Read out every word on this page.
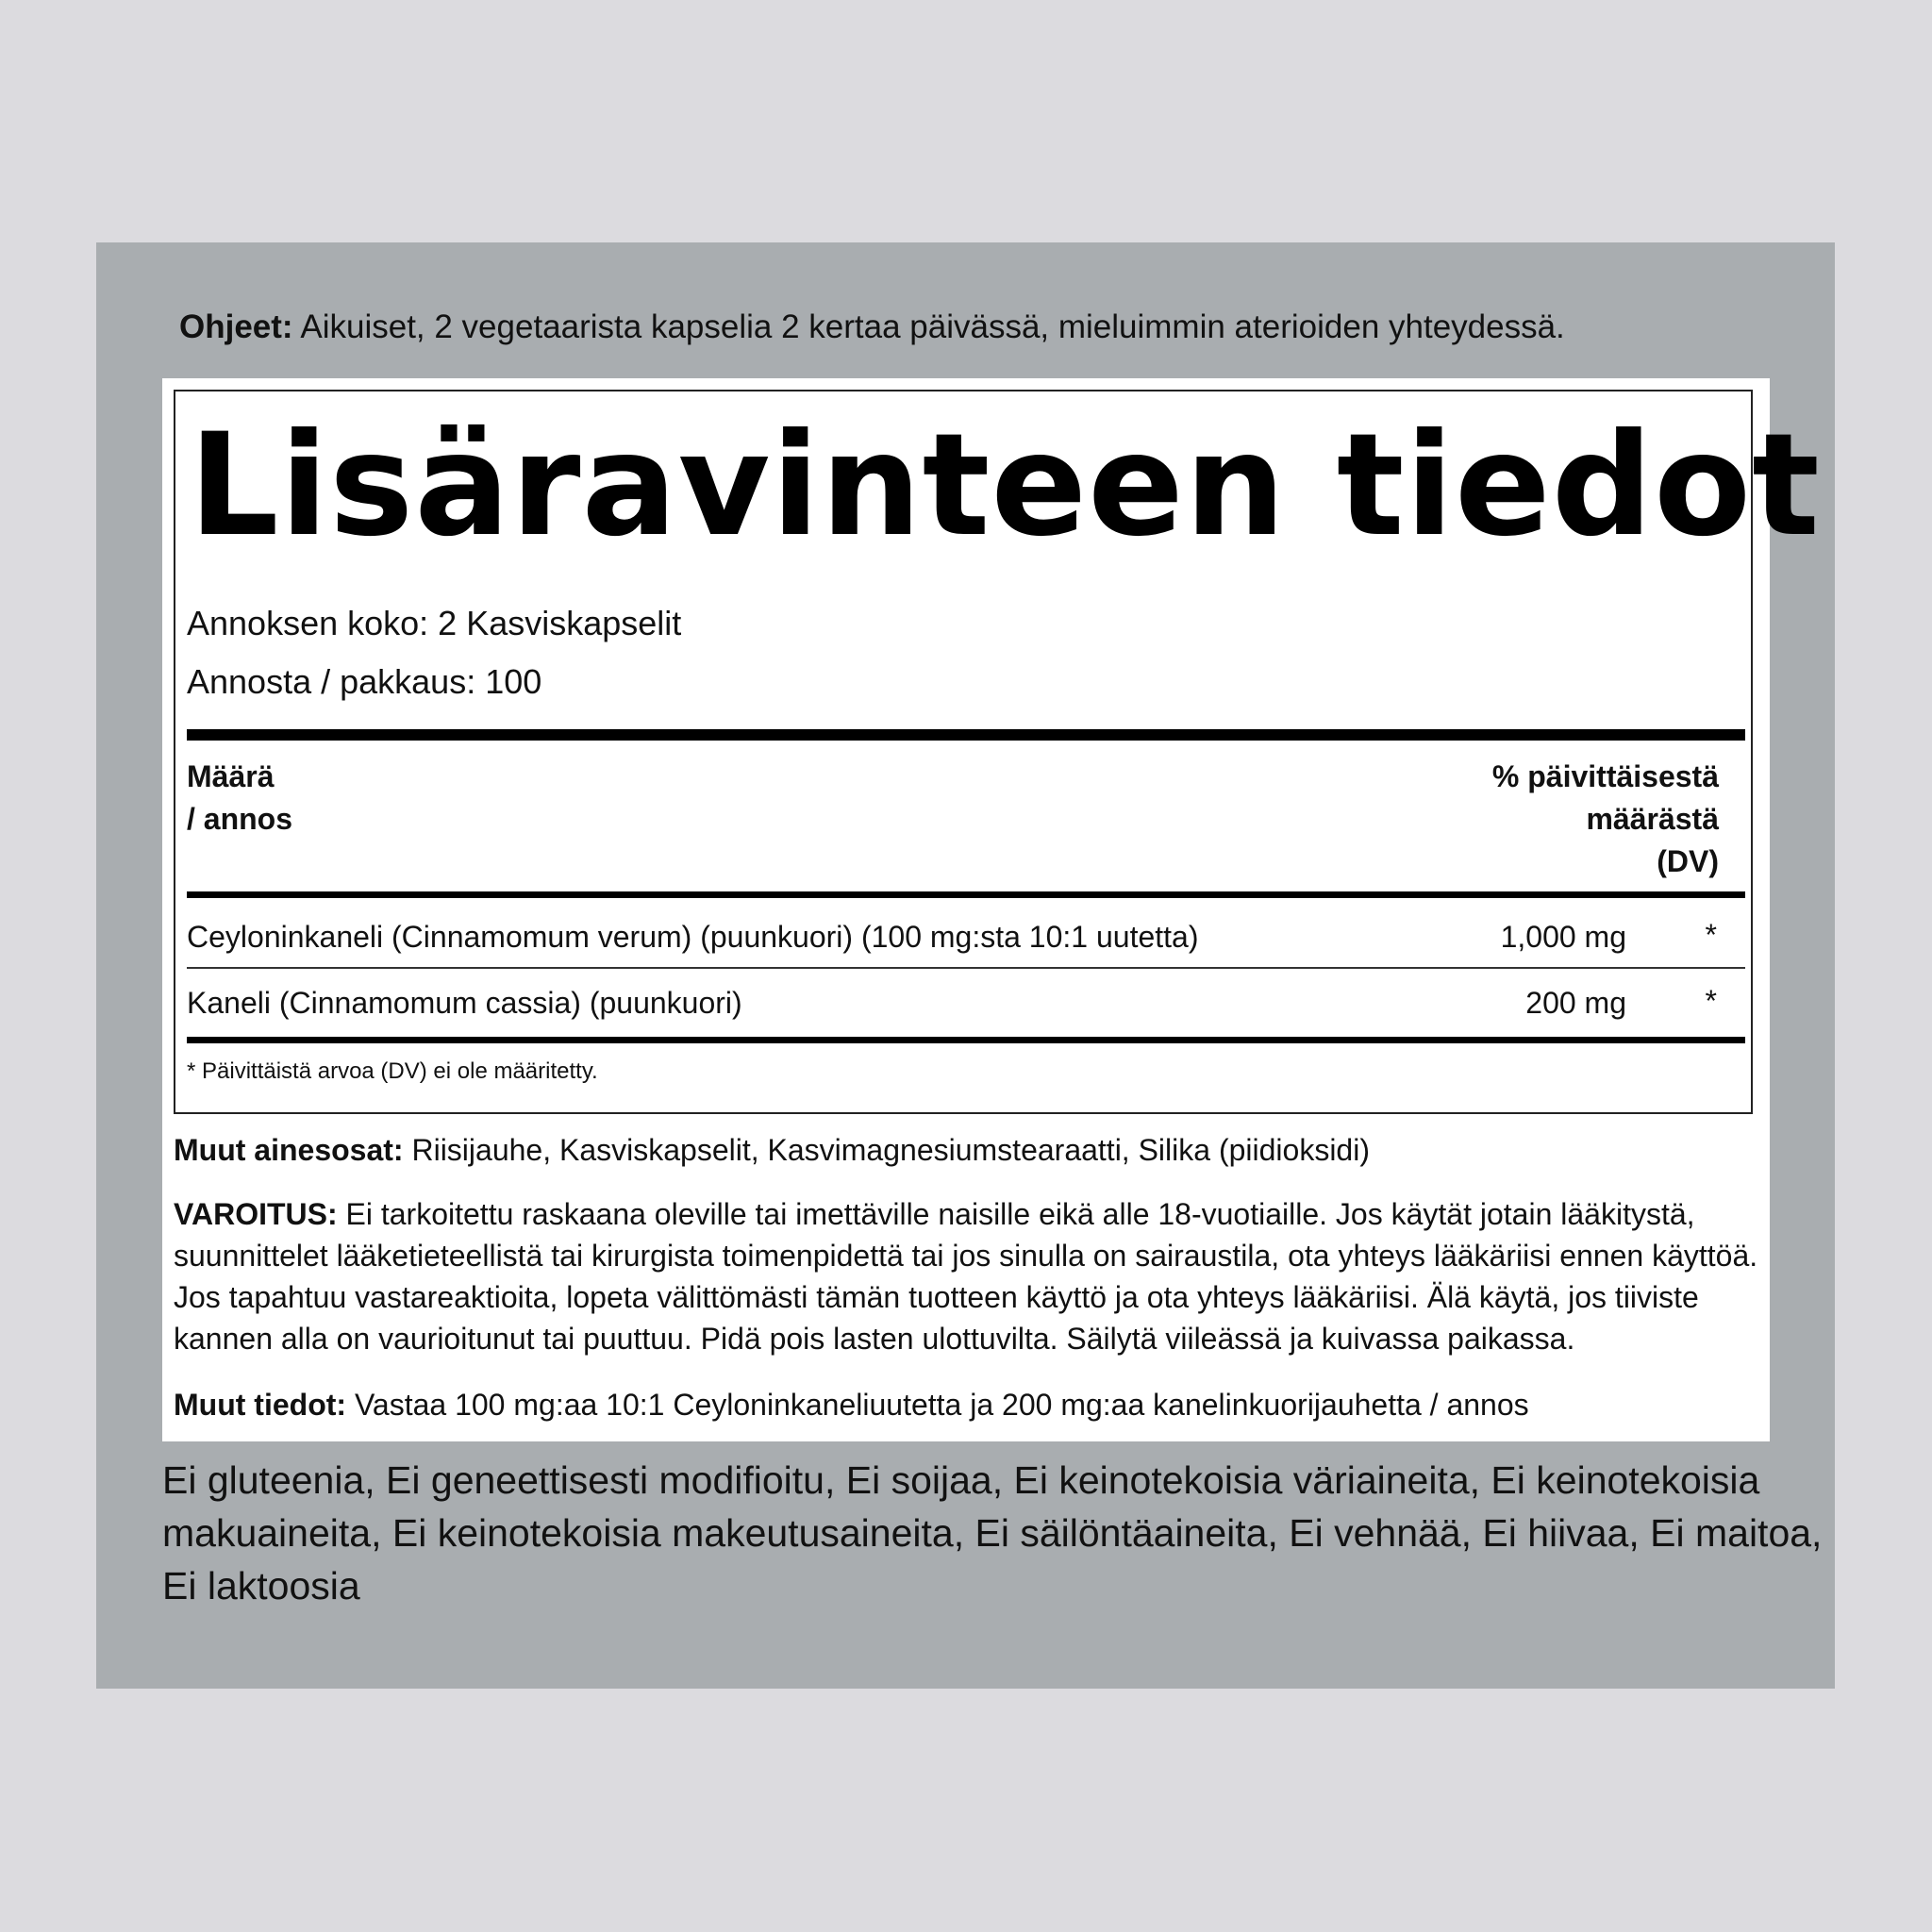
Ohjeet: Aikuiset, 2 vegetaarista kapselia 2 kertaa päivässä, mieluimmin aterioiden yhteydessä.
Lisäravinteen tiedot
Annoksen koko: 2 Kasviskapselit
Annosta / pakkaus: 100
Määrä
/ annos
% päivittäisestä
määrästä
(DV)
Ceyloninkaneli (Cinnamomum verum) (puunkuori) (100 mg:sta 10:1 uutetta)	1,000 mg	*
Kaneli (Cinnamomum cassia) (puunkuori)	200 mg	*
* Päivittäistä arvoa (DV) ei ole määritetty.
Muut ainesosat: Riisijauhe, Kasviskapselit, Kasvimagnesiumstearaatti, Silika (piidioksidi)
VAROITUS: Ei tarkoitettu raskaana oleville tai imettäville naisille eikä alle 18-vuotiaille. Jos käytät jotain lääkitystä, suunnittelet lääketieteellistä tai kirurgista toimenpidettä tai jos sinulla on sairaustila, ota yhteys lääkäriisi ennen käyttöä. Jos tapahtuu vastareaktioita, lopeta välittömästi tämän tuotteen käyttö ja ota yhteys lääkäriisi. Älä käytä, jos tiiviste kannen alla on vaurioitunut tai puuttuu. Pidä pois lasten ulottuvilta. Säilytä viileässä ja kuivassa paikassa.
Muut tiedot: Vastaa 100 mg:aa 10:1 Ceyloninkaneliuutetta ja 200 mg:aa kanelinkuorijauhetta / annos
Ei gluteenia, Ei geneettisesti modifioitu, Ei soijaa, Ei keinotekoisia väriaineita, Ei keinotekoisia makuaineita, Ei keinotekoisia makeutusaineita, Ei säilöntäaineita, Ei vehnää, Ei hiivaa, Ei maitoa, Ei laktoosia
